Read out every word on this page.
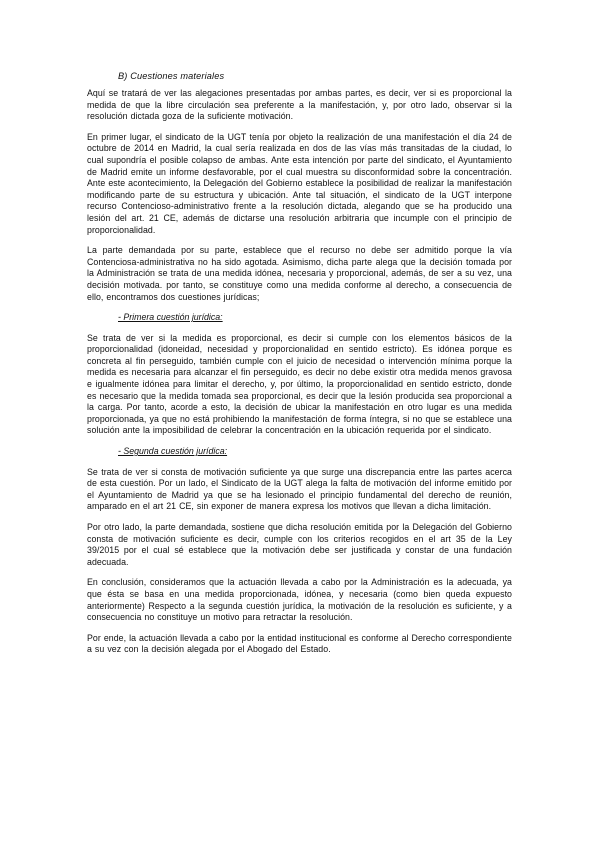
B) Cuestiones materiales

Aquí se tratará de ver las alegaciones presentadas por ambas partes, es decir, ver si es proporcional la medida de que la libre circulación sea preferente a la manifestación, y, por otro lado, observar si la resolución dictada goza de la suficiente motivación.

En primer lugar, el sindicato de la UGT tenía por objeto la realización de una manifestación el día 24 de octubre de 2014 en Madrid, la cual sería realizada en dos de las vías más transitadas de la ciudad, lo cual supondría el posible colapso de ambas. Ante esta intención por parte del sindicato, el Ayuntamiento de Madrid emite un informe desfavorable, por el cual muestra su disconformidad sobre la concentración. Ante este acontecimiento, la Delegación del Gobierno establece la posibilidad de realizar la manifestación modificando parte de su estructura y ubicación. Ante tal situación, el sindicato de la UGT interpone recurso Contencioso-administrativo frente a la resolución dictada, alegando que se ha producido una lesión del art. 21 CE, además de dictarse una resolución arbitraria que incumple con el principio de proporcionalidad.

La parte demandada por su parte, establece que el recurso no debe ser admitido porque la vía Contenciosa-administrativa no ha sido agotada. Asimismo, dicha parte alega que la decisión tomada por la Administración se trata de una medida idónea, necesaria y proporcional, además, de ser a su vez, una decisión motivada. por tanto, se constituye como una medida conforme al derecho, a consecuencia de ello, encontramos dos cuestiones jurídicas;

- Primera cuestión jurídica:

Se trata de ver si la medida es proporcional, es decir si cumple con los elementos básicos de la proporcionalidad (idoneidad, necesidad y proporcionalidad en sentido estricto). Es idónea porque es concreta al fin perseguido, también cumple con el juicio de necesidad o intervención mínima porque la medida es necesaria para alcanzar el fin perseguido, es decir no debe existir otra medida menos gravosa e igualmente idónea para limitar el derecho, y, por último, la proporcionalidad en sentido estricto, donde es necesario que la medida tomada sea proporcional, es decir que la lesión producida sea proporcional a la carga. Por tanto, acorde a esto, la decisión de ubicar la manifestación en otro lugar es una medida proporcionada, ya que no está prohibiendo la manifestación de forma íntegra, si no que se establece una solución ante la imposibilidad de celebrar la concentración en la ubicación requerida por el sindicato.

- Segunda cuestión jurídica:

Se trata de ver si consta de motivación suficiente ya que surge una discrepancia entre las partes acerca de esta cuestión. Por un lado, el Sindicato de la UGT alega la falta de motivación del informe emitido por el Ayuntamiento de Madrid ya que se ha lesionado el principio fundamental del derecho de reunión, amparado en el art 21 CE, sin exponer de manera expresa los motivos que llevan a dicha limitación.

Por otro lado, la parte demandada, sostiene que dicha resolución emitida por la Delegación del Gobierno consta de motivación suficiente es decir, cumple con los criterios recogidos en el art 35 de la Ley 39/2015 por el cual sé establece que la motivación debe ser justificada y constar de una fundación adecuada.

En conclusión, consideramos que la actuación llevada a cabo por la Administración es la adecuada, ya que ésta se basa en una medida proporcionada, idónea, y necesaria (como bien queda expuesto anteriormente) Respecto a la segunda cuestión jurídica, la motivación de la resolución es suficiente, y a consecuencia no constituye un motivo para retractar la resolución.

Por ende, la actuación llevada a cabo por la entidad institucional es conforme al Derecho correspondiente a su vez con la decisión alegada por el Abogado del Estado.
